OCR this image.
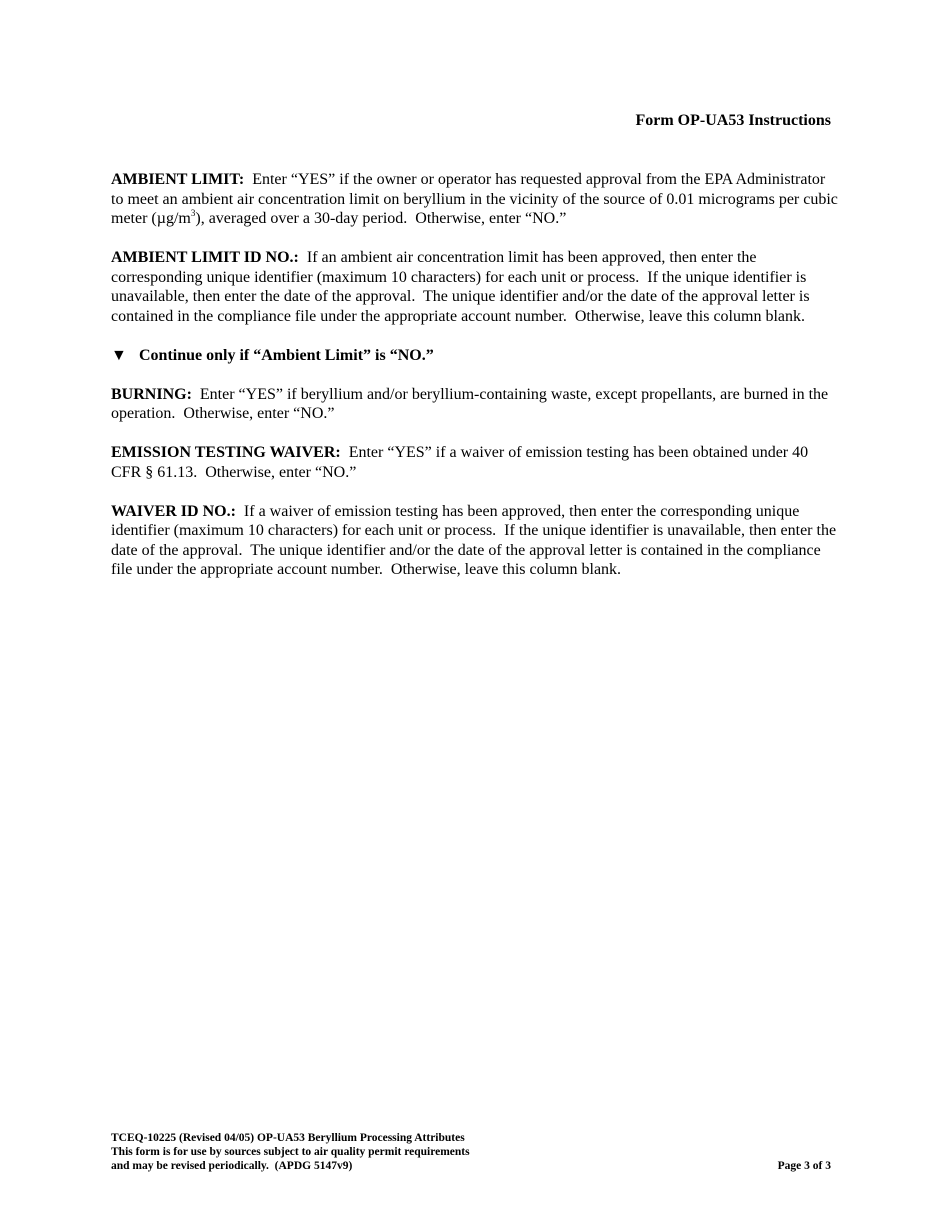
Form OP-UA53 Instructions

AMBIENT LIMIT:  Enter “YES” if the owner or operator has requested approval from the EPA Administrator to meet an ambient air concentration limit on beryllium in the vicinity of the source of 0.01 micrograms per cubic meter $(\mu g/m^3)$, averaged over a 30-day period.  Otherwise, enter “NO.”

AMBIENT LIMIT ID NO.:  If an ambient air concentration limit has been approved, then enter the corresponding unique identifier (maximum 10 characters) for each unit or process.  If the unique identifier is unavailable, then enter the date of the approval.  The unique identifier and/or the date of the approval letter is contained in the compliance file under the appropriate account number.  Otherwise, leave this column blank.

▼ Continue only if “Ambient Limit” is “NO.”

BURNING:  Enter “YES” if beryllium and/or beryllium-containing waste, except propellants, are burned in the operation.  Otherwise, enter “NO.”

EMISSION TESTING WAIVER:  Enter “YES” if a waiver of emission testing has been obtained under 40 CFR § 61.13.  Otherwise, enter “NO.”

WAIVER ID NO.:  If a waiver of emission testing has been approved, then enter the corresponding unique identifier (maximum 10 characters) for each unit or process.  If the unique identifier is unavailable, then enter the date of the approval.  The unique identifier and/or the date of the approval letter is contained in the compliance file under the appropriate account number.  Otherwise, leave this column blank.

TCEQ-10225 (Revised 04/05) OP-UA53 Beryllium Processing Attributes
This form is for use by sources subject to air quality permit requirements
and may be revised periodically.  (APDG 5147v9)	Page 3 of 3
